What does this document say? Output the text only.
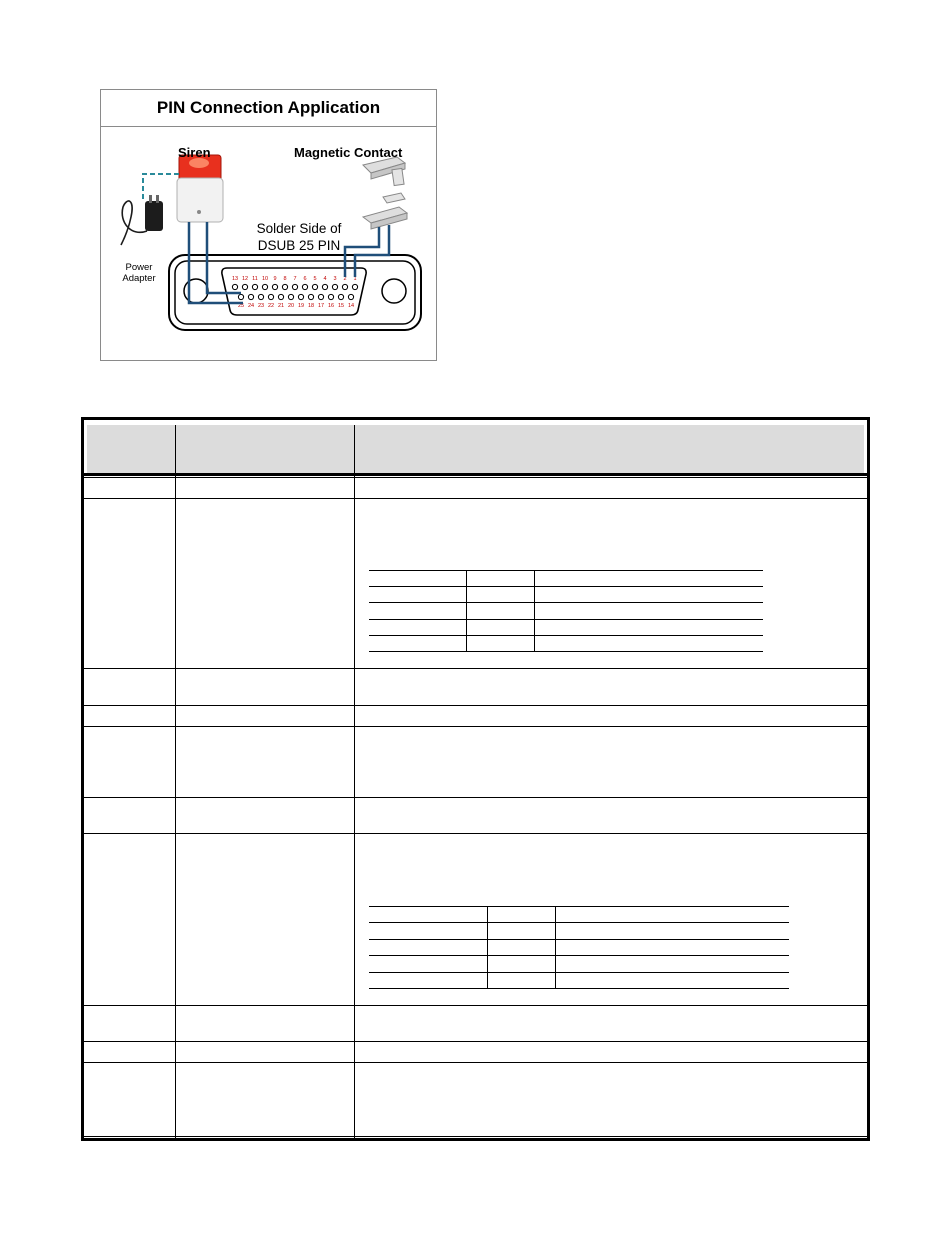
PIN Connection Application
13 12 11 10 9 8 7 6 5 4 3 2 1
25 24 23 22 21 20 19 18 17 16 15 14
Siren	Magnetic Contact
Solder Side of
DSUB 25 PIN
Power
Adapter
